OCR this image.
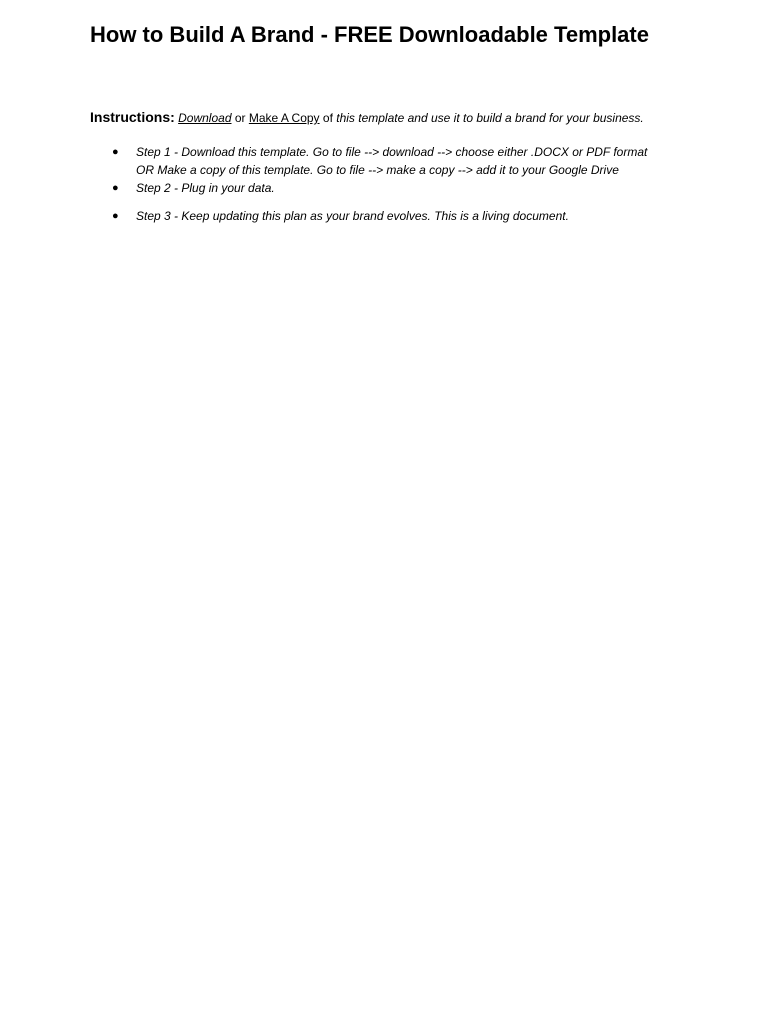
How to Build A Brand - FREE Downloadable Template

Instructions: Download or Make A Copy of this template and use it to build a brand for your business.

● Step 1 - Download this template. Go to file --> download --> choose either .DOCX or PDF format
OR Make a copy of this template. Go to file --> make a copy --> add it to your Google Drive
● Step 2 - Plug in your data.
● Step 3 - Keep updating this plan as your brand evolves. This is a living document.
